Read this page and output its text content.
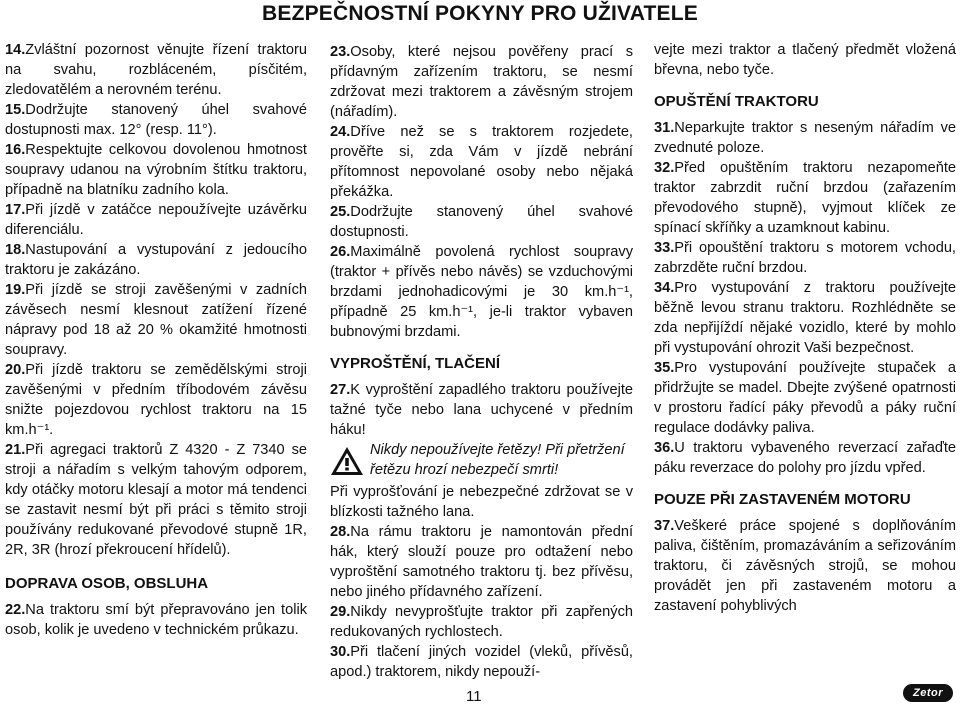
BEZPEČNOSTNÍ POKYNY PRO UŽIVATELE

14.Zvláštní pozornost věnujte řízení traktoru na svahu, rozbláceném, písčitém, zledovatělém a nerovném terénu.

15.Dodržujte stanovený úhel svahové dostupnosti max. 12° (resp. 11°).

16.Respektujte celkovou dovolenou hmotnost soupravy udanou na výrobním štítku traktoru, případně na blatníku zadního kola.

17.Při jízdě v zatáčce nepoužívejte uzávěrku diferenciálu.

18.Nastupování a vystupování z jedoucího traktoru je zakázáno.

19.Při jízdě se stroji zavěšenými v zadních závěsech nesmí klesnout zatížení řízené nápravy pod 18 až 20 % okamžité hmotnosti soupravy.

20.Při jízdě traktoru se zemědělskými stroji zavěšenými v předním tříbodovém závěsu snižte pojezdovou rychlost traktoru na 15 km.h⁻¹.

21.Při agregaci traktorů Z 4320 - Z 7340 se stroji a nářadím s velkým tahovým odporem, kdy otáčky motoru klesají a motor má tendenci se zastavit nesmí být při práci s těmito stroji používány redukované převodové stupně 1R, 2R, 3R (hrozí překroucení hřídelů).

DOPRAVA OSOB, OBSLUHA

22.Na traktoru smí být přepravováno jen tolik osob, kolik je uvedeno v technickém průkazu.

23.Osoby, které nejsou pověřeny prací s přídavným zařízením traktoru, se nesmí zdržovat mezi traktorem a závěsným strojem (nářadím).

24.Dříve než se s traktorem rozjedete, prověřte si, zda Vám v jízdě nebrání přítomnost nepovolané osoby nebo nějaká překážka.

25.Dodržujte stanovený úhel svahové dostupnosti.

26.Maximálně povolená rychlost soupravy (traktor + přívěs nebo návěs) se vzduchovými brzdami jednohadicovými je 30 km.h⁻¹, případně 25 km.h⁻¹, je-li traktor vybaven bubnovými brzdami.

VYPROŠTĚNÍ, TLAČENÍ

27.K vyproštění zapadlého traktoru používejte tažné tyče nebo lana uchycené v předním háku!

Nikdy nepoužívejte řetězy! Při přetržení řetězu hrozí nebezpečí smrti!

Při vyprošťování je nebezpečné zdržovat se v blízkosti tažného lana.

28.Na rámu traktoru je namontován přední hák, který slouží pouze pro odtažení nebo vyproštění samotného traktoru tj. bez přívěsu, nebo jiného přídavného zařízení.

29.Nikdy nevyprošťujte traktor při zapřených redukovaných rychlostech.

30.Při tlačení jiných vozidel (vleků, přívěsů, apod.) traktorem, nikdy nepouží-

vejte mezi traktor a tlačený předmět vložená břevna, nebo tyče.

OPUŠTĚNÍ TRAKTORU

31.Neparkujte traktor s neseným nářadím ve zvednuté poloze.

32.Před opuštěním traktoru nezapomeňte traktor zabrzdit ruční brzdou (zařazením převodového stupně), vyjmout klíček ze spínací skříňky a uzamknout kabinu.

33.Při opouštění traktoru s motorem vchodu, zabrzděte ruční brzdou.

34.Pro vystupování z traktoru používejte běžně levou stranu traktoru. Rozhlédněte se zda nepřijíždí nějaké vozidlo, které by mohlo při vystupování ohrozit Vaši bezpečnost.

35.Pro vystupování používejte stupaček a přidržujte se madel. Dbejte zvýšené opatrnosti v prostoru řadící páky převodů a páky ruční regulace dodávky paliva.

36.U traktoru vybaveného reverzací zařaďte páku reverzace do polohy pro jízdu vpřed.

POUZE PŘI ZASTAVENÉM MOTORU

37.Veškeré práce spojené s doplňováním paliva, čištěním, promazáváním a seřizováním traktoru, či závěsných strojů, se mohou provádět jen při zastaveném motoru a zastavení pohyblivých

11	Zetor
